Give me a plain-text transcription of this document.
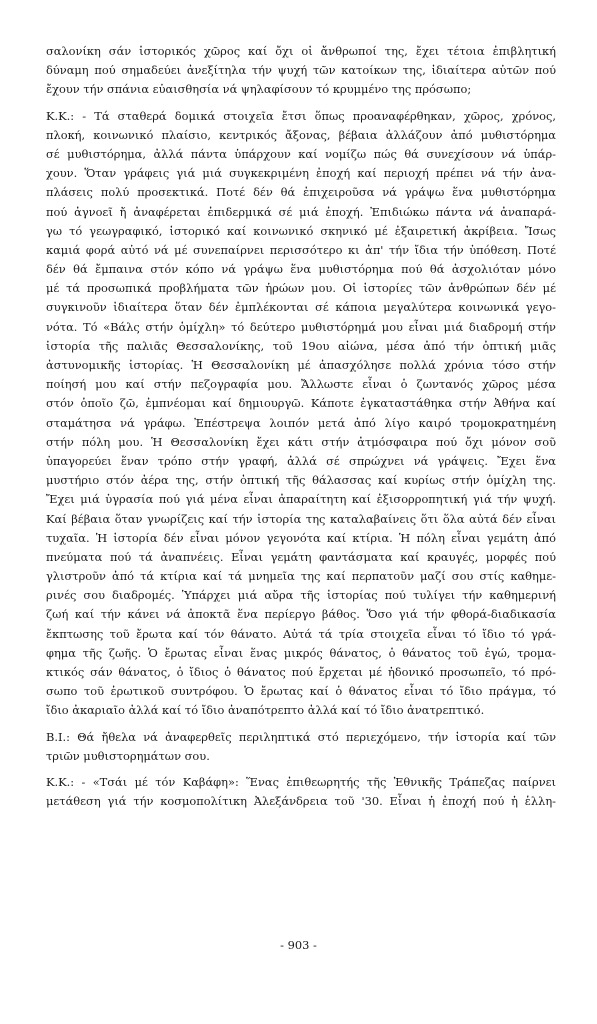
σαλονίκη σάν ἱστορικός χῶρος καί ὄχι οἱ ἄνθρωποί της, ἔχει τέτοια ἐπιβλητική
δύναμη πού σημαδεύει ἀνεξίτηλα τήν ψυχή τῶν κατοίκων της, ἰδιαίτερα αὐτῶν πού
ἔχουν τήν σπάνια εὐαισθησία νά ψηλαφίσουν τό κρυμμένο της πρόσωπο;
Κ.Κ.: - Τά σταθερά δομικά στοιχεῖα ἔτσι ὅπως προαναφέρθηκαν, χῶρος, χρόνος,
πλοκή, κοινωνικό πλαίσιο, κεντρικός ἄξονας, βέβαια ἀλλάζουν ἀπό μυθιστόρημα
σέ μυθιστόρημα, ἀλλά πάντα ὑπάρχουν καί νομίζω πώς θά συνεχίσουν νά ὑπάρ-
χουν. Ὅταν γράφεις γιά μιά συγκεκριμένη ἐποχή καί περιοχή πρέπει νά τήν ἀνα-
πλάσεις πολύ προσεκτικά. Ποτέ δέν θά ἐπιχειροῦσα νά γράψω ἕνα μυθιστόρημα
πού ἀγνοεῖ ἤ ἀναφέρεται ἐπιδερμικά σέ μιά ἐποχή. Ἐπιδιώκω πάντα νά ἀναπαρά-
γω τό γεωγραφικό, ἱστορικό καί κοινωνικό σκηνικό μέ ἐξαιρετική ἀκρίβεια. Ἴσως
καμιά φορά αὐτό νά μέ συνεπαίρνει περισσότερο κι ἀπ' τήν ἴδια τήν ὑπόθεση. Ποτέ
δέν θά ἔμπαινα στόν κόπο νά γράψω ἕνα μυθιστόρημα πού θά ἀσχολιόταν μόνο
μέ τά προσωπικά προβλήματα τῶν ἡρώων μου. Οἱ ἱστορίες τῶν ἀνθρώπων δέν μέ
συγκινοῦν ἰδιαίτερα ὅταν δέν ἐμπλέκονται σέ κάποια μεγαλύτερα κοινωνικά γεγο-
νότα. Τό «Βάλς στήν ὁμίχλη» τό δεύτερο μυθιστόρημά μου εἶναι μιά διαδρομή στήν
ἱστορία τῆς παλιᾶς Θεσσαλονίκης, τοῦ 19ου αἰώνα, μέσα ἀπό τήν ὀπτική μιᾶς
ἀστυνομικῆς ἱστορίας. Ἡ Θεσσαλονίκη μέ ἀπασχόλησε πολλά χρόνια τόσο στήν
ποίησή μου καί στήν πεζογραφία μου. Ἄλλωστε εἶναι ὁ ζωντανός χῶρος μέσα
στόν ὁποῖο ζῶ, ἐμπνέομαι καί δημιουργῶ. Κάποτε ἐγκαταστάθηκα στήν Ἀθήνα καί
σταμάτησα νά γράφω. Ἐπέστρεψα λοιπόν μετά ἀπό λίγο καιρό τρομοκρατημένη
στήν πόλη μου. Ἡ Θεσσαλονίκη ἔχει κάτι στήν ἀτμόσφαιρα πού ὄχι μόνον σοῦ
ὑπαγορεύει ἕναν τρόπο στήν γραφή, ἀλλά σέ σπρώχνει νά γράψεις. Ἔχει ἕνα
μυστήριο στόν ἀέρα της, στήν ὀπτική τῆς θάλασσας καί κυρίως στήν ὁμίχλη της.
Ἔχει μιά ὑγρασία πού γιά μένα εἶναι ἀπαραίτητη καί ἐξισορροπητική γιά τήν ψυχή.
Καί βέβαια ὅταν γνωρίζεις καί τήν ἱστορία της καταλαβαίνεις ὅτι ὅλα αὐτά δέν εἶναι
τυχαῖα. Ἡ ἱστορία δέν εἶναι μόνον γεγονότα καί κτίρια. Ἡ πόλη εἶναι γεμάτη ἀπό
πνεύματα πού τά ἀναπνέεις. Εἶναι γεμάτη φαντάσματα καί κραυγές, μορφές πού
γλιστροῦν ἀπό τά κτίρια καί τά μνημεῖα της καί περπατοῦν μαζί σου στίς καθημε-
ρινές σου διαδρομές. Ὑπάρχει μιά αὔρα τῆς ἱστορίας πού τυλίγει τήν καθημερινή
ζωή καί τήν κάνει νά ἀποκτᾶ ἕνα περίεργο βάθος. Ὅσο γιά τήν φθορά-διαδικασία
ἔκπτωσης τοῦ ἔρωτα καί τόν θάνατο. Αὐτά τά τρία στοιχεῖα εἶναι τό ἴδιο τό γρά-
φημα τῆς ζωῆς. Ὁ ἔρωτας εἶναι ἕνας μικρός θάνατος, ὁ θάνατος τοῦ ἐγώ, τρομα-
κτικός σάν θάνατος, ὁ ἴδιος ὁ θάνατος πού ἔρχεται μέ ἡδονικό προσωπεῖο, τό πρό-
σωπο τοῦ ἐρωτικοῦ συντρόφου. Ὁ ἔρωτας καί ὁ θάνατος εἶναι τό ἴδιο πράγμα, τό
ἴδιο ἀκαριαῖο ἀλλά καί τό ἴδιο ἀναπότρεπτο ἀλλά καί τό ἴδιο ἀνατρεπτικό.
Β.Ι.: Θά ἤθελα νά ἀναφερθεῖς περιληπτικά στό περιεχόμενο, τήν ἱστορία καί τῶν
τριῶν μυθιστορημάτων σου.
Κ.Κ.: - «Τσάι μέ τόν Καβάφη»: Ἕνας ἐπιθεωρητής τῆς Ἐθνικῆς Τράπεζας παίρνει
μετάθεση γιά τήν κοσμοπολίτικη Ἀλεξάνδρεια τοῦ '30. Εἶναι ἡ ἐποχή πού ἡ ἑλλη-
- 903 -
